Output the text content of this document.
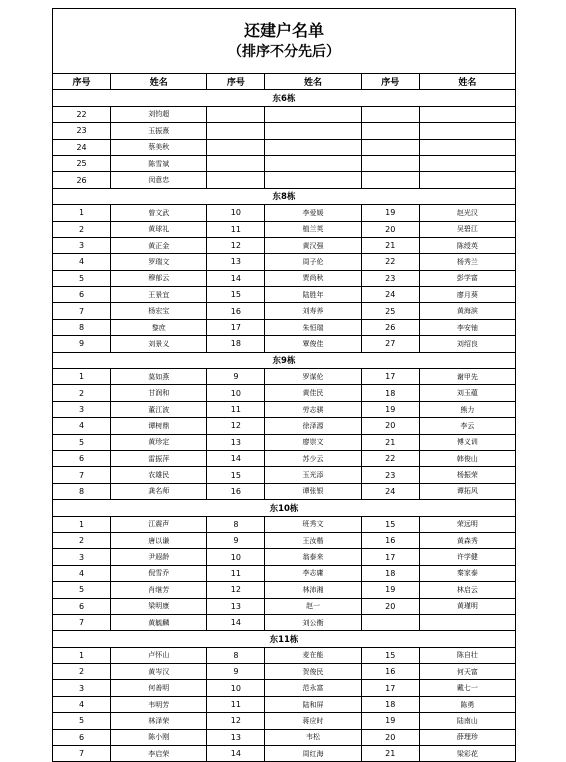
还建户名单
（排序不分先后）
序号	姓名	序号	姓名	序号	姓名
东6栋					
22	刘钧超				
23	玉振熹				
24	蔡美秋				
25	陈雪斌				
26	闵意忠				
东8栋					
1	曾文武	10	李爱媛	19	赵光汉
2	黄球礼	11	植兰英	20	吴碧江
3	黄正金	12	黄汉强	21	陈绶英
4	罗瑞文	13	周子伦	22	杨秀兰
5	穆郁云	14	贾尚秋	23	彭学富
6	王景宜	15	陆胜年	24	廖月葵
7	杨宏宝	16	刘寿养	25	黄海滨
8	黎庶	17	朱恒瑞	26	李安铀
9	刘景义	18	覃俊佳	27	刘绍良
东9栋					
1	莫如燕	9	罗谋伦	17	谢甲先
2	甘润和	10	黄佳民	18	刘玉蕴
3	董江波	11	劳志骐	19	熊力
4	谭树鼎	12	徐泽源	20	李云
5	黄珍定	13	廖崇文	21	傅义训
6	雷振萍	14	苏少云	22	韩俊山
7	农雄民	15	玉光添	23	杨振荣
8	龚名师	16	谭张银	24	谭拓风
东10栋					
1	江震声	8	班秀文	15	荣远明
2	唐以谦	9	王汝楷	16	黄森秀
3	尹遐龄	10	翁泰来	17	许学健
4	倪雪乔	11	李志庸	18	秦家泰
5	肖继芳	12	林沛湘	19	林启云
6	梁明康	13	赵一	20	黄瑾明
7	黄毓麟	14	刘公衡		
东11栋					
1	卢怀山	8	麦在能	15	陈自壮
2	黄岑汉	9	贺俊民	16	何天富
3	何善明	10	范永富	17	戴七一
4	韦明芳	11	陆和屏	18	陈勇
5	林泽荣	12	蒋应时	19	陆南山
6	陈小刚	13	韦松	20	薛理珍
7	李启荣	14	周红海	21	梁彩花
